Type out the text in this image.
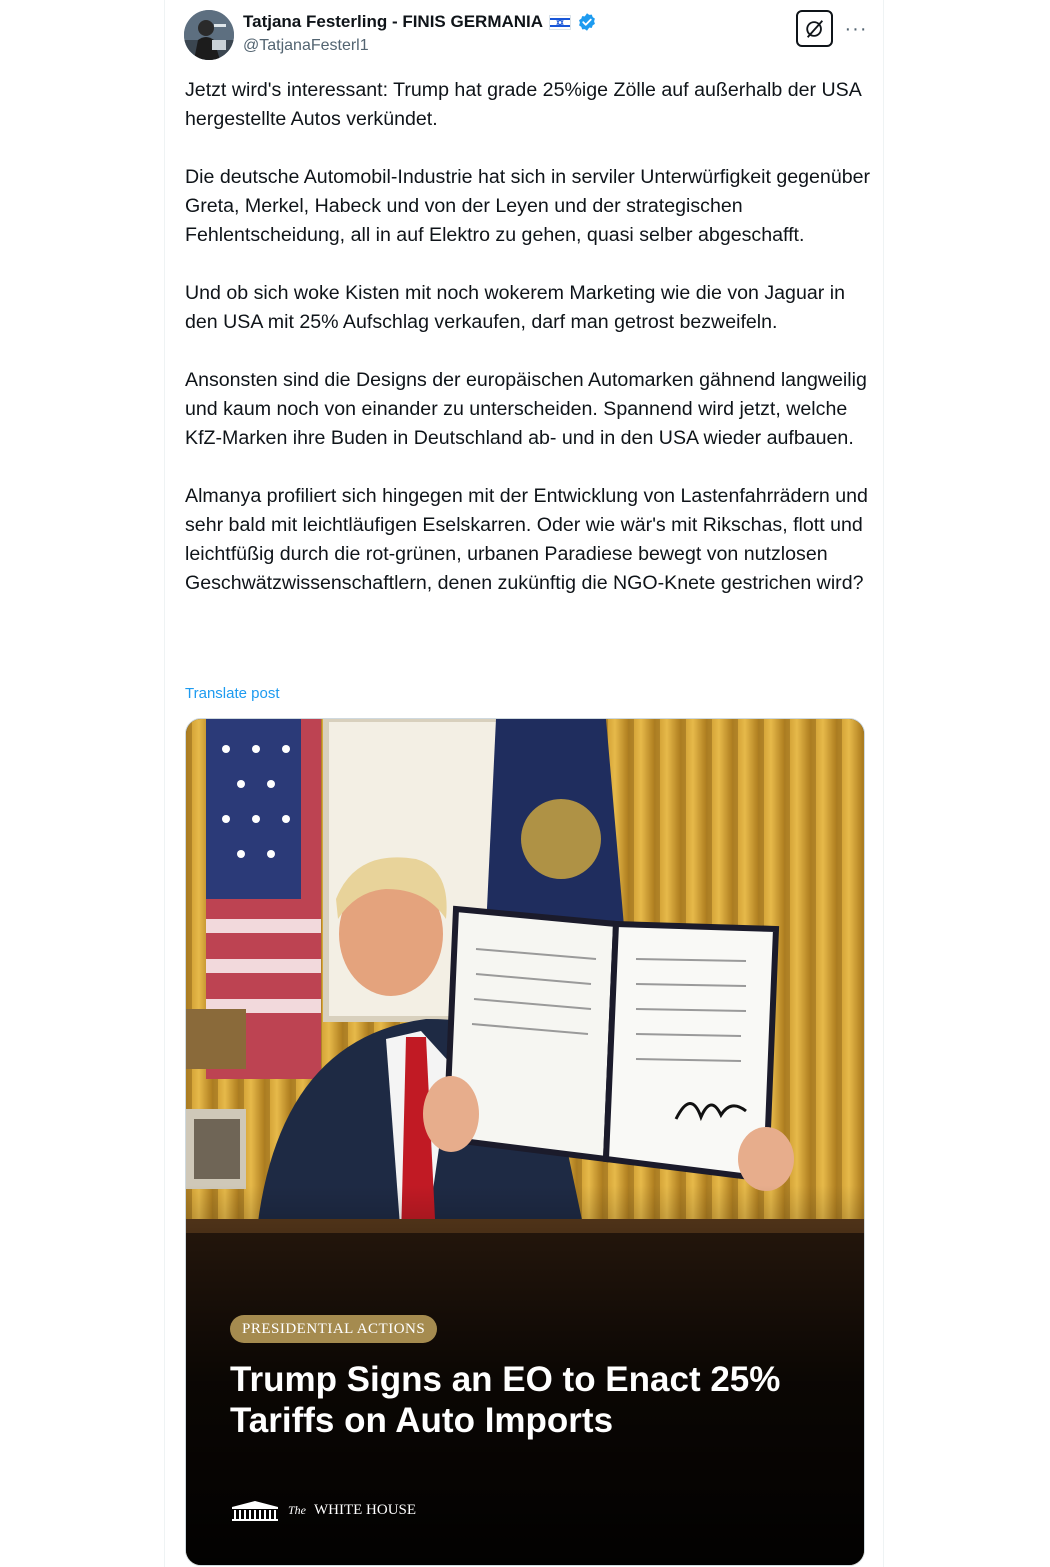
Tatjana Festerling - FINIS GERMANIA
@TatjanaFesterl1
···

Jetzt wird's interessant: Trump hat grade 25%ige Zölle auf außerhalb der USA hergestellte Autos verkündet.

Die deutsche Automobil-Industrie hat sich in serviler Unterwürfigkeit gegenüber Greta, Merkel, Habeck und von der Leyen und der strategischen Fehlentscheidung, all in auf Elektro zu gehen, quasi selber abgeschafft.

Und ob sich woke Kisten mit noch wokerem Marketing wie die von Jaguar in den USA mit 25% Aufschlag verkaufen, darf man getrost bezweifeln.

Ansonsten sind die Designs der europäischen Automarken gähnend langweilig und kaum noch von einander zu unterscheiden. Spannend wird jetzt, welche KfZ-Marken ihre Buden in Deutschland ab- und in den USA wieder aufbauen.

Almanya profiliert sich hingegen mit der Entwicklung von Lastenfahrrädern und sehr bald mit leichtläufigen Eselskarren. Oder wie wär's mit Rikschas, flott und leichtfüßig durch die rot-grünen, urbanen Paradiese bewegt von nutzlosen Geschwätzwissenschaftlern, denen zukünftig die NGO-Knete gestrichen wird?

Translate post
PRESIDENTIAL ACTIONS
Trump Signs an EO to Enact 25% Tariffs on Auto Imports
The WHITE HOUSE
